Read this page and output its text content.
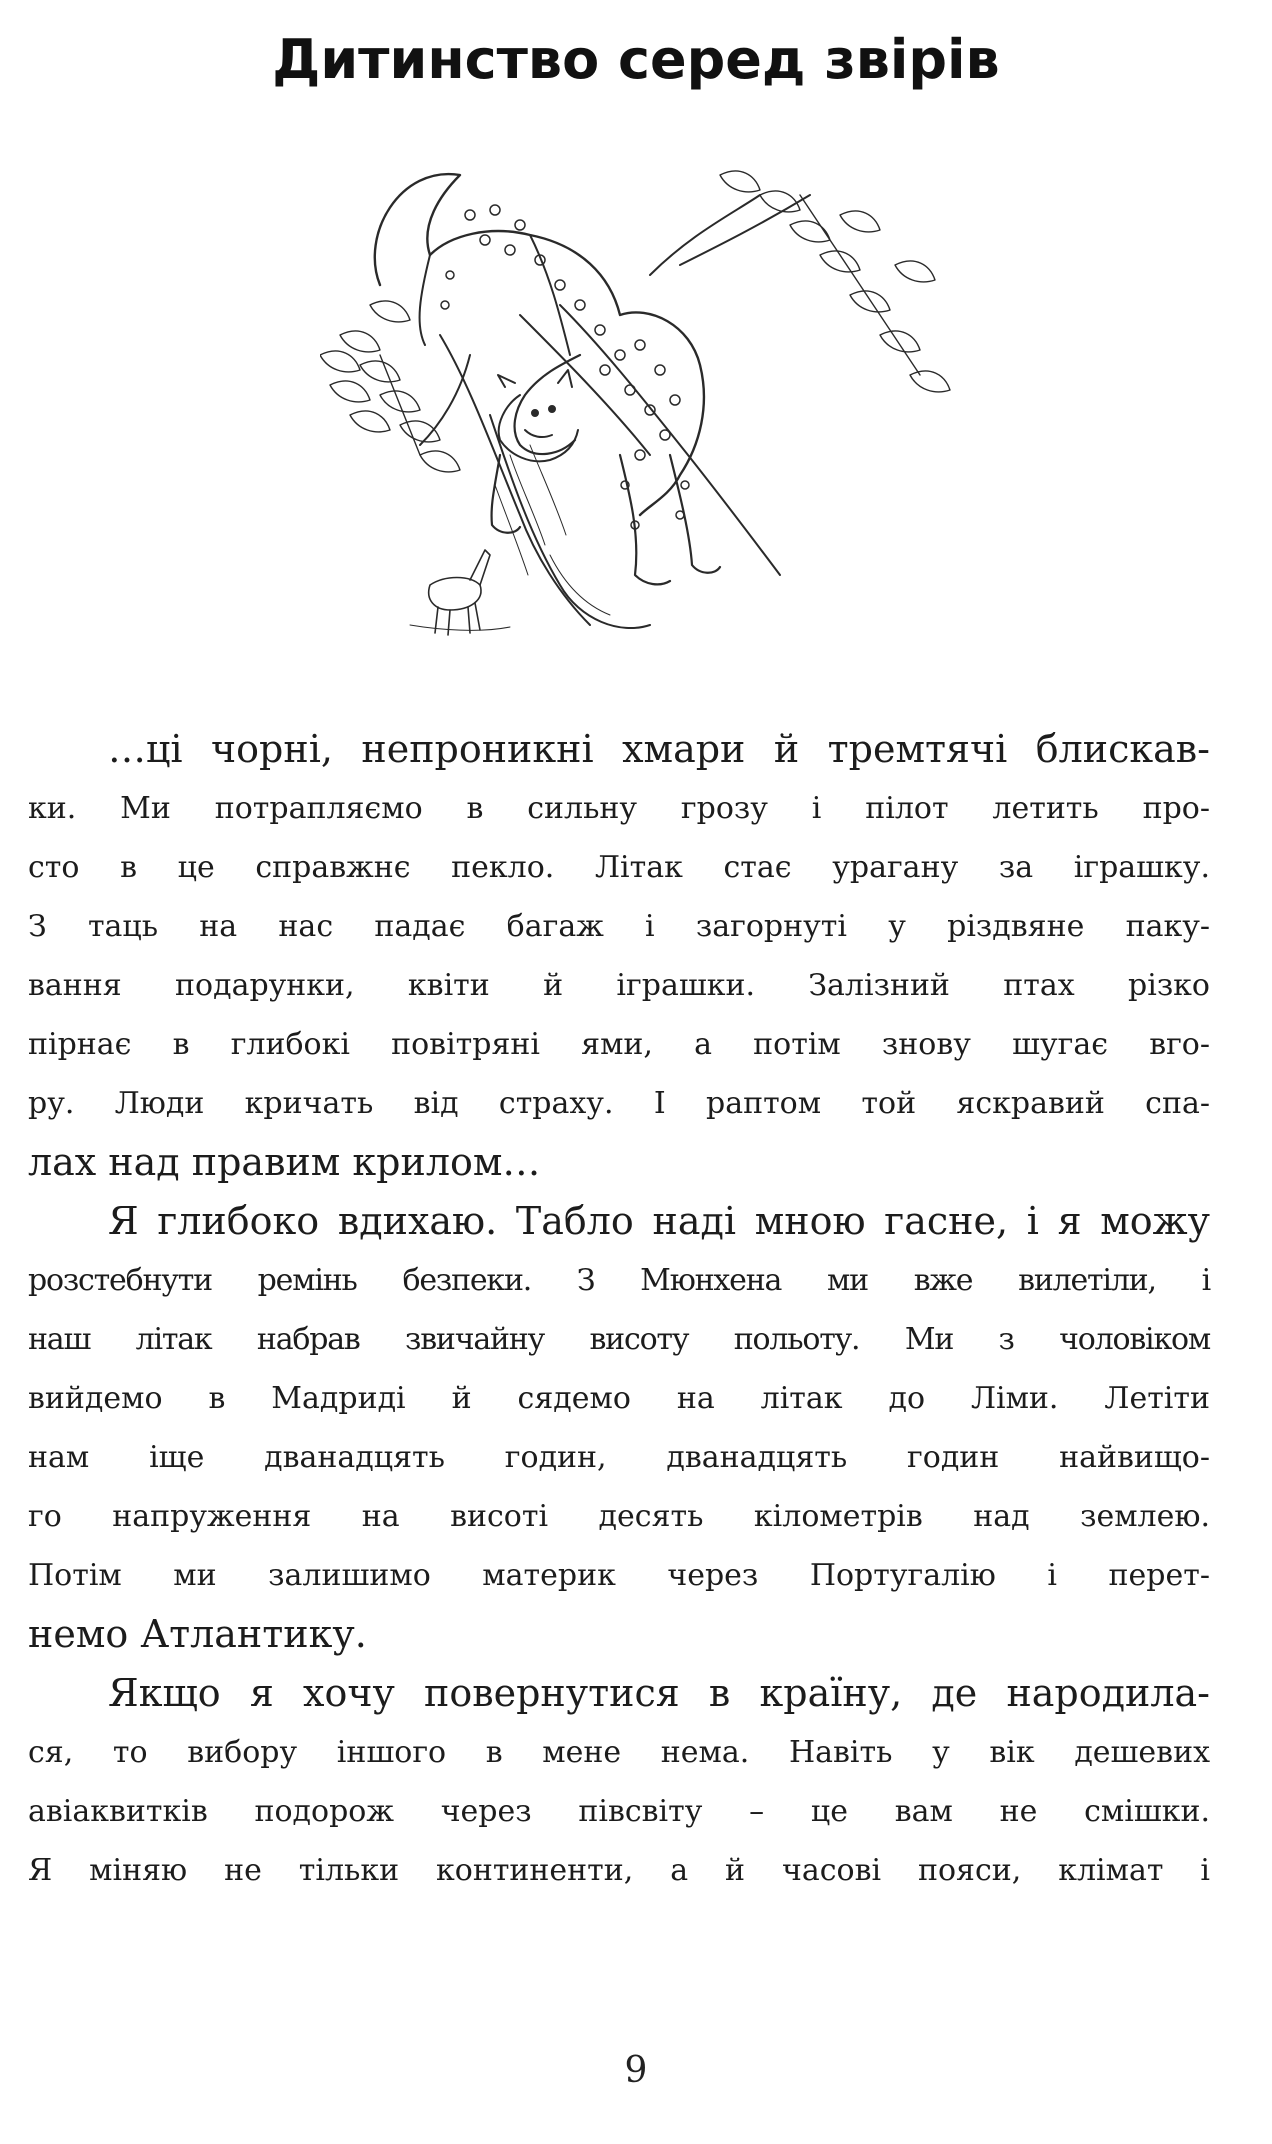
Дитинство серед звірів
…ці чорні, непроникні хмари й тремтячі блискав-
ки. Ми потрапляємо в сильну грозу і пілот летить про-
сто в це справжнє пекло. Літак стає урагану за іграшку.
З таць на нас падає багаж і загорнуті у різдвяне паку-
вання подарунки, квіти й іграшки. Залізний птах різко
пірнає в глибокі повітряні ями, а потім знову шугає вго-
ру. Люди кричать від страху. І раптом той яскравий спа-
лах над правим крилом…
Я глибоко вдихаю. Табло наді мною гасне, і я можу
розстебнути ремінь безпеки. З Мюнхена ми вже вилетіли, і
наш літак набрав звичайну висоту польоту. Ми з чоловіком
вийдемо в Мадриді й сядемо на літак до Ліми. Летіти
нам іще дванадцять годин, дванадцять годин найвищо-
го напруження на висоті десять кілометрів над землею.
Потім ми залишимо материк через Португалію і перет-
немо Атлантику.
Якщо я хочу повернутися в країну, де народила-
ся, то вибору іншого в мене нема. Навіть у вік дешевих
авіаквитків подорож через півсвіту – це вам не смішки.
Я міняю не тільки континенти, а й часові пояси, клімат і
9
